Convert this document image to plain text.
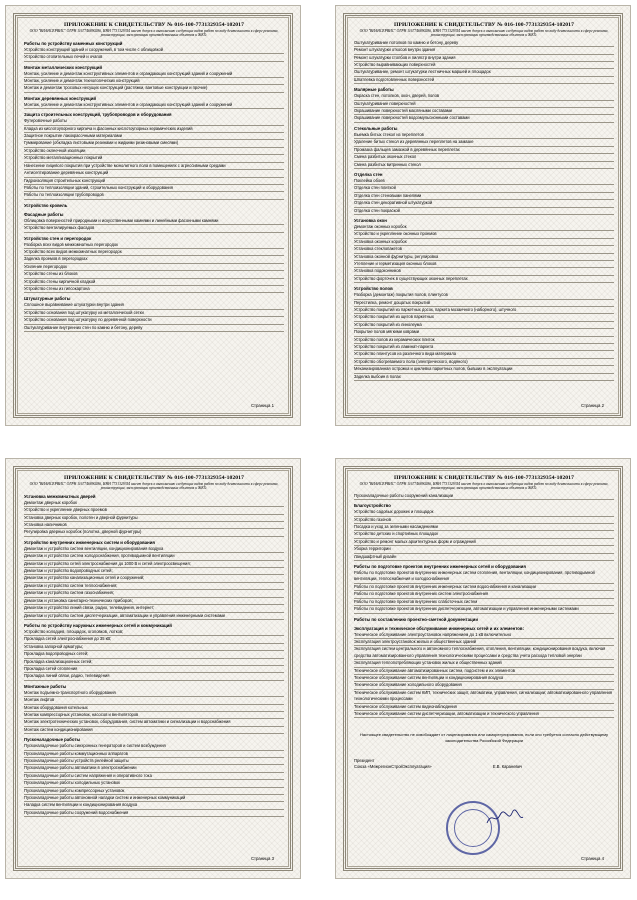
ПРИЛОЖЕНИЕ К СВИДЕТЕЛЬСТВУ № 016-100-7731329354-102017
ООО "ВИАНСЕРВИС" ОГРН 1167746890286, ИНН 7731329354 имеет допуск к выполнению следующих видов работ по виду деятельности в сфере ремонта, реконструкции, эксплуатации производственных объектов и ЖКХ:
Работы по устройству каменных конструкций
Устройство конструкций зданий и сооружений, в том числе с облицовкой
Устройство отопительных печей и очагов
Монтаж металлических конструкций
Монтаж, усиление и демонтаж конструктивных элементов и ограждающих конструкций зданий и сооружений
Монтаж, усиление и демонтаж технологических конструкций
Монтаж и демонтаж тросовых несущих конструкций (растяжки, вантовые конструкции и прочие)
Монтаж деревянных конструкций
Монтаж, усиление и демонтаж конструктивных элементов и ограждающих конструкций зданий и сооружений
Защита строительных конструкций, трубопроводов и оборудования
Футеровочные работы
Кладка из кислотоупорного кирпича и фасонных кислотоупорных керамических изделий
Защитное покрытие лакокрасочными материалами
Гуммирование (обкладка листовыми резинами и жидкими резиновыми смесями)
Устройство оклеечной изоляции
Устройство металлизационных покрытий
Нанесение лицевого покрытия при устройстве монолитного пола в помещениях с агрессивными средами
Антисептирование деревянных конструкций
Гидроизоляция строительных конструкций
Работы по теплоизоляции зданий, строительных конструкций и оборудования
Работы по теплоизоляции трубопроводов
Устройство кровель
Фасадные работы
Облицовка поверхностей природными и искусственными камнями и линейными фасонными камнями
Устройство вентилируемых фасадов
Устройство стен и перегородок
Разборка всех видов межкомнатных перегородок
Устройство всех видов межкомнатных перегородок
Заделка проемов в перегородках
Усиление перегородок
Устройство стены из блоков
Устройство стены кирпичной кладкой
Устройство стены из гипсокартона
Штукатурные работы
Сплошное выравнивание штукатурки внутри здания
Устройство основания под штукатурку из металлической сетки
Устройство основания под штукатурку по деревянной поверхности
Оштукатуривание внутренних стен по камню и бетону, дереву
Страница 1
ПРИЛОЖЕНИЕ К СВИДЕТЕЛЬСТВУ № 016-100-7731329354-102017
ООО "ВИАНСЕРВИС" ОГРН 1167746890286, ИНН 7731329354 имеет допуск к выполнению следующих видов работ по виду деятельности в сфере ремонта, реконструкции, эксплуатации производственных объектов и ЖКХ:
Оштукатуривание потолков по камню и бетону, дереву
Ремонт штукатурки откосов внутри здания
Ремонт штукатурки столбов и пилястр внутри здания
Устройство выравнивающих поверхностей
Оштукатуривание, ремонт штукатурки лестничных маршей и площадок
Шпатлевка подготовленных поверхностей
Малярные работы
Окраска стен, потолков, окон, дверей, полов
Оштукатуривание поверхностей
Окрашивание поверхностей масляными составами
Окрашивание поверхностей водоэмульсионными составами
Стекольные работы
Выемка битых стекол из переплетов
Удаление битых стекол из деревянных переплетов на замазке
Промазка фальцев замазкой в деревянных переплетах
Смена разбитых оконных стекол
Смена разбитых витринных стекол
Отделка стен
Поклейка обоев
Отделка стен плиткой
Отделка стен стеновыми панелями
Отделка стен декоративной штукатуркой
Отделка стен покраской
Установка окон
Демонтаж оконных коробок
Устройство и укрепление оконных проемов
Установка оконных коробок
Установка стеклопакетов
Установка оконной фурнитуры, регулировка
Утепление и герметизация оконных блоков
Установка подоконников
Устройство форточек в существующих оконных переплетах
Устройство полов
Разборка (демонтаж) покрытия полов, плинтусов
Перестилка, ремонт дощатых покрытий
Устройство покрытий из паркетных досок, паркета мозаичного (наборного), штучного
Устройство покрытий из щитов паркетных
Устройство покрытий из линолеума
Покрытие полов мягкими коврами
Устройство полов из керамических плиток
Устройство покрытий из ламинат-паркета
Устройство плинтусов из различного вида материала
Устройство обогреваемого пола (электрического, водяного)
Механизированная острожка и циклевка паркетных полов, бывших в эксплуатации
Заделка выбоин в полах
Страница 2
ПРИЛОЖЕНИЕ К СВИДЕТЕЛЬСТВУ № 016-100-7731329354-102017
ООО "ВИАНСЕРВИС" ОГРН 1167746890286, ИНН 7731329354 имеет допуск к выполнению следующих видов работ по виду деятельности в сфере ремонта, реконструкции, эксплуатации производственных объектов и ЖКХ:
Установка межкомнатных дверей
Демонтаж дверных коробок
Устройство и укрепление дверных проемов
Установка дверных коробок, полотен и дверной фурнитуры
Установка наличников
Регулировка дверных коробок (полотна, дверной фурнитуры)
Устройство внутренних инженерных систем и оборудования
Демонтаж и устройство систем вентиляции, кондиционирования воздуха
Демонтаж и устройство систем холодоснабжения, противодымной вентиляции
Демонтаж и устройство сетей электроснабжения до 1000 В и сетей электроосвещения;
Демонтаж и устройство водопроводных сетей;
Демонтаж и устройство канализационных сетей и сооружений;
Демонтаж и устройство систем теплоснабжения;
Демонтаж и устройство систем газоснабжения;
Демонтаж и установка санитарно-технических приборов;
Демонтаж и устройство линий связи, радио, телевидения, интернет;
Демонтаж и устройство систем диспетчеризации, автоматизации и управления инженерными системами
Работы по устройству наружных инженерных сетей и коммуникаций
Устройство колодцев, площадок, оголовков, лотков;
Прокладка сетей электроснабжения до 35 кВ;
Установка запорной арматуры;
Прокладка водопроводных сетей;
Прокладка канализационных сетей;
Прокладка сетей отопления
Прокладка линий связи, радио, телевидения
Монтажные работы
Монтаж подъемно-транспортного оборудования
Монтаж лифтов
Монтаж оборудования котельных
Монтаж компрессорных установок, насосов и вентиляторов
Монтаж электротехнических установок, оборудования, систем автоматики и сигнализации и водоснабжения
Монтаж систем кондиционирования
Пусконаладочные работы
Пусконаладочные работы синхронных генераторов и систем возбуждения
Пусконаладочные работы коммутационных аппаратов
Пусконаладочные работы устройств релейной защиты
Пусконаладочные работы автоматики в электроснабжении
Пусконаладочные работы систем напряжения и оперативного тока
Пусконаладочные работы холодильных установок
Пусконаладочные работы компрессорных установок
Пусконаладочные работы автономной наладки систем и инженерных коммуникаций
Наладка систем вентиляции и кондиционирования воздуха
Пусконаладочные работы сооружений водоснабжения
Страница 3
ПРИЛОЖЕНИЕ К СВИДЕТЕЛЬСТВУ № 016-100-7731329354-102017
ООО "ВИАНСЕРВИС" ОГРН 1167746890286, ИНН 7731329354 имеет допуск к выполнению следующих видов работ по виду деятельности в сфере ремонта, реконструкции, эксплуатации производственных объектов и ЖКХ:
Пусконаладочные работы сооружений канализации
Благоустройство
Устройство садовых дорожек и площадок
Устройство газонов
Посадка и уход за зелеными насаждениями
Устройство детских и спортивных площадок
Устройство и ремонт малых архитектурных форм и ограждений
Уборка территории
Ландшафтный дизайн
Работы по подготовке проектов внутренних инженерных сетей и оборудования
Работы по подготовке проектов внутренних инженерных систем отопления, вентиляции, кондиционирования, противодымной вентиляции, теплоснабжения и холодоснабжения
Работы по подготовке проектов внутренних инженерных систем водоснабжения и канализации
Работы по подготовке проектов внутренних систем электроснабжения
Работы по подготовке проектов внутренних слаботочных систем
Работы по подготовке проектов внутренних диспетчеризации, автоматизации и управления инженерными системами
Работы по составлению проектно-сметной документации
Эксплуатация и техническое обслуживание инженерных сетей и их элементов:
Техническое обслуживание электроустановок напряжением до 1 кВ включительно
Эксплуатация электроустановок жилых и общественных зданий
Эксплуатация систем центрального и автономного теплоснабжения, отопления, вентиляции, кондиционирования воздуха, включая средства автоматизированного управления технологическими процессами и средства учета расхода тепловой энергии
Эксплуатация теплопотребляющих установок жилых и общественных зданий
Техническое обслуживание автоматизированных систем, подсистем и их элементов
Техническое обслуживание систем вентиляции и кондиционирования воздуха
Техническое обслуживание холодильного оборудования
Техническое обслуживание систем КИП, технических защит, автоматики, управления, сигнализации; автоматизированного управления технологическими процессами
Техническое обслуживание систем видеонаблюдения
Техническое обслуживание систем диспетчеризации, автоматизации и технического управления
Настоящее свидетельство не освобождает от лицензирования или саморегулирования, если оно требуется согласно действующему законодательства Российской Федерации
Президент
Союза «МежрегионСтройЭксплуатация»	Е.В. Караневич
Страница 4
